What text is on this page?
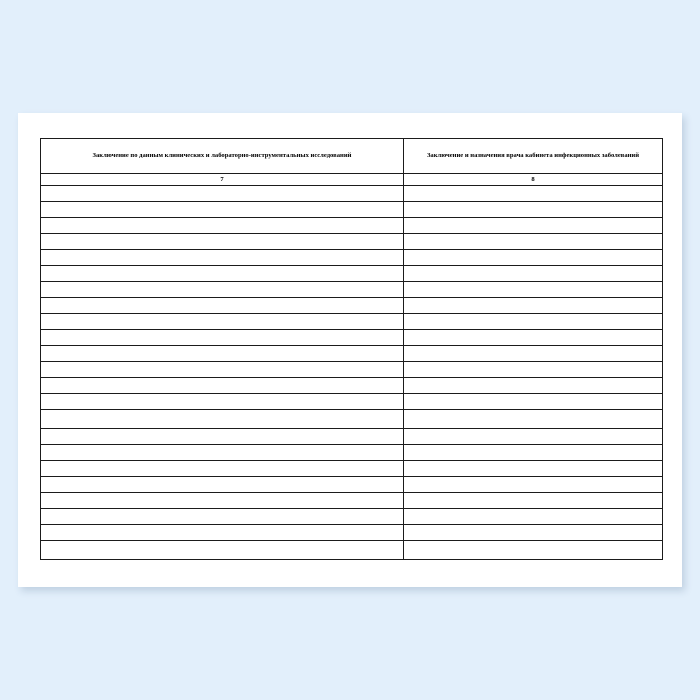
Заключение по данным клинических и лабораторно-инструментальных исследований	Заключение и назначения врача кабинета инфекционных заболеваний
7	8
